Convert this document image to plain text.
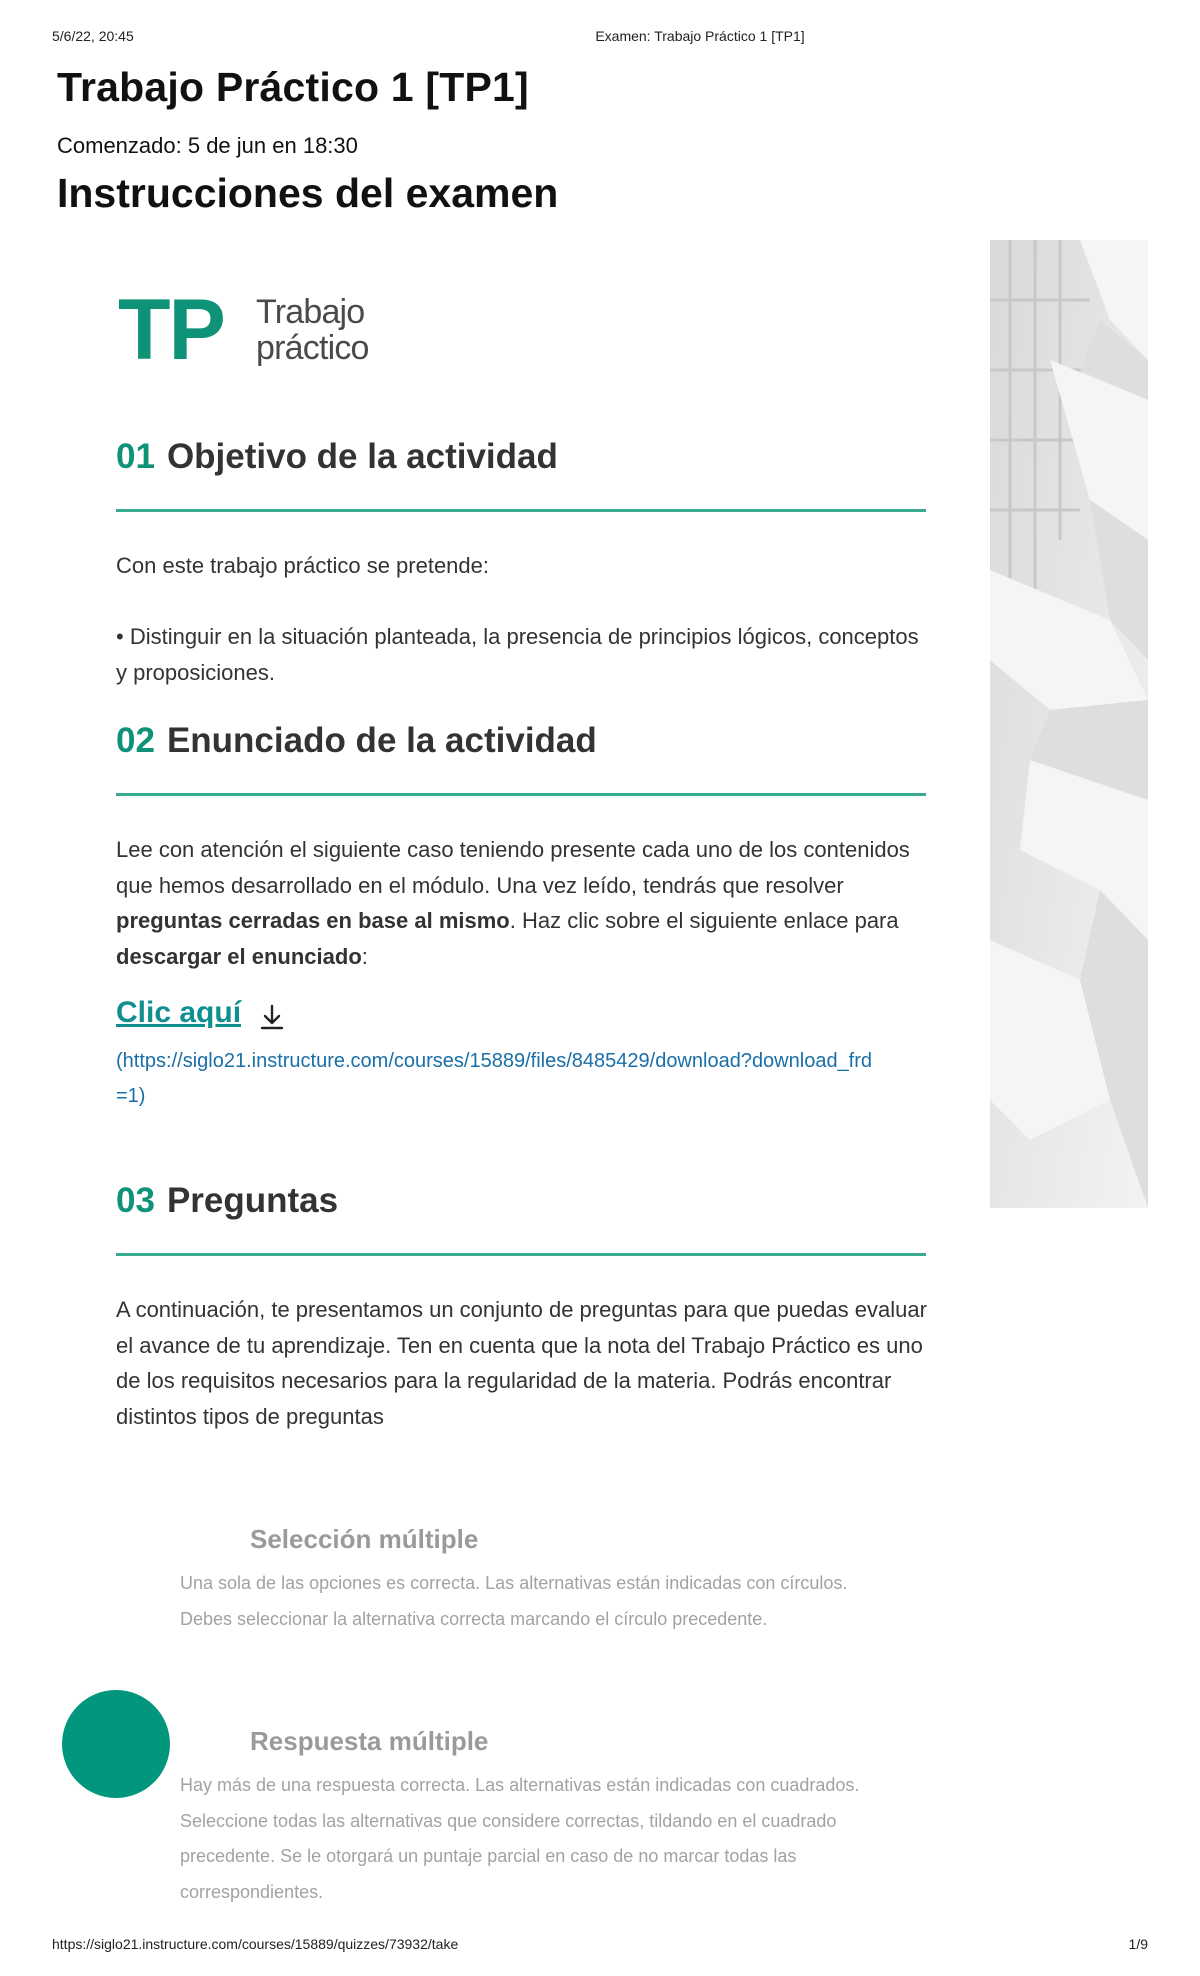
5/6/22, 20:45	Examen: Trabajo Práctico 1 [TP1]
Trabajo Práctico 1 [TP1]
Comenzado: 5 de jun en 18:30
Instrucciones del examen
TP Trabajo
práctico
01 Objetivo de la actividad
Con este trabajo práctico se pretende:
• Distinguir en la situación planteada, la presencia de principios lógicos, conceptos y proposiciones.
02 Enunciado de la actividad
Lee con atención el siguiente caso teniendo presente cada uno de los contenidos que hemos desarrollado en el módulo. Una vez leído, tendrás que resolver preguntas cerradas en base al mismo. Haz clic sobre el siguiente enlace para descargar el enunciado:
Clic aquí
(https://siglo21.instructure.com/courses/15889/files/8485429/download?download_frd=1)
03 Preguntas
A continuación, te presentamos un conjunto de preguntas para que puedas evaluar el avance de tu aprendizaje. Ten en cuenta que la nota del Trabajo Práctico es uno de los requisitos necesarios para la regularidad de la materia. Podrás encontrar distintos tipos de preguntas
Selección múltiple
Una sola de las opciones es correcta. Las alternativas están indicadas con círculos. Debes seleccionar la alternativa correcta marcando el círculo precedente.
Respuesta múltiple
Hay más de una respuesta correcta. Las alternativas están indicadas con cuadrados. Seleccione todas las alternativas que considere correctas, tildando en el cuadrado precedente. Se le otorgará un puntaje parcial en caso de no marcar todas las correspondientes.
https://siglo21.instructure.com/courses/15889/quizzes/73932/take	1/9
